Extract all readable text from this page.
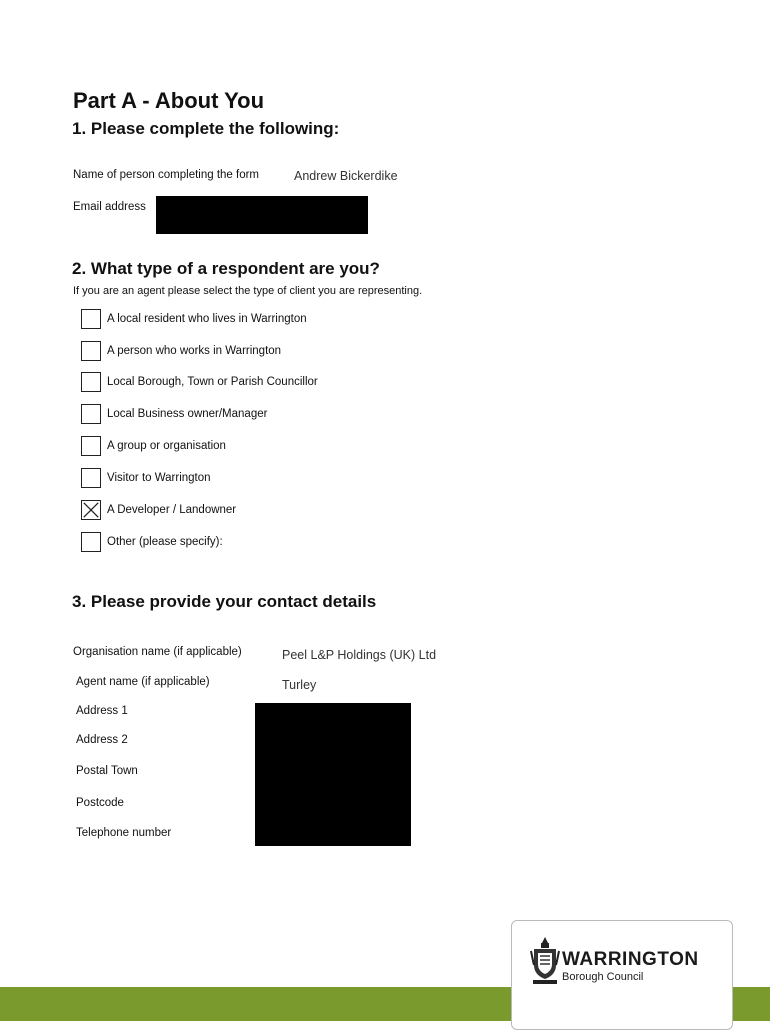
Part A - About You
1. Please complete the following:
Name of person completing the form	Andrew Bickerdike
Email address
2. What type of a respondent are you?
If you are an agent please select the type of client you are representing.
A local resident who lives in Warrington
A person who works in Warrington
Local Borough, Town or Parish Councillor
Local Business owner/Manager
A group or organisation
Visitor to Warrington
A Developer / Landowner
Other (please specify):
3. Please provide your contact details
Organisation name (if applicable)	Peel L&P Holdings (UK) Ltd
Agent name (if applicable)	Turley
Address 1
Address 2
Postal Town
Postcode
Telephone number
WARRINGTON
Borough Council
